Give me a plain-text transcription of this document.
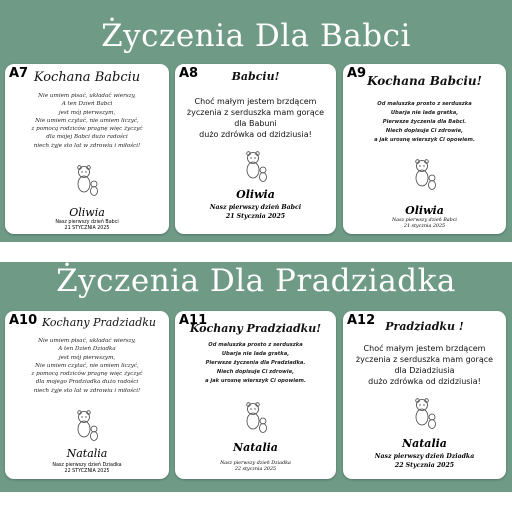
Życzenia Dla Babci
A7 Kochana Babciu
Nie umiem pisać, układać wierszy,
A ten Dzień Babci
jest mój pierwszym,
Nie umiem czytać, nie umiem liczyć,
z pomocą rodziców pragnę więc życzyć
dla mojej Babci dużo radości
niech żyje sto lat w zdrowiu i miłości!
Oliwia
Nasz pierwszy dzień Babci
21 STYCZNIA 2025
A8	Babciu!
Choć małym jestem brzdącem
życzenia z serduszka mam gorące
dla Babuni
dużo zdrówka od dzidziusia!
Oliwia
Nasz pierwszy dzień Babci
21 Stycznia 2025
A9 Kochana Babciu!
Od maluszka prosto z serduszka
Ubarja nie lada gratka,
Pierwsze życzenia dla Babci.
Niech dopisuje Ci zdrowie,
a jak urosnę wierszyk Ci opowiem.
Oliwia
Nasz pierwszy dzień Babci
21 stycznia 2025
Życzenia Dla Pradziadka
A10 Kochany Pradziadku
Nie umiem pisać, układać wierszy,
A ten Dzień Dziadka
jest mój pierwszym,
Nie umiem czytać, nie umiem liczyć,
z pomocą rodziców pragnę więc życzyć
dla mojego Pradziadka dużo radości
niech żyje sto lat w zdrowiu i miłości!
Natalia
Nasz pierwszy dzień Dziadka
22 STYCZNIA 2025
A11
Kochany Pradziadku!
Od maluszka prosto z serduszka
Ubarja nie lada gratka,
Pierwsze życzenia dla Pradziadka.
Niech dopisuje Ci zdrowie,
a jak urosnę wierszyk Ci opowiem.
Natalia
Nasz pierwszy dzień Dziadka
22 stycznia 2025
A12 Pradziadku !
Choć małym jestem brzdącem
życzenia z serduszka mam gorące
dla Dziadziusia
dużo zdrówka od dzidziusia!
Natalia
Nasz pierwszy dzień Dziadka
22 Stycznia 2025
